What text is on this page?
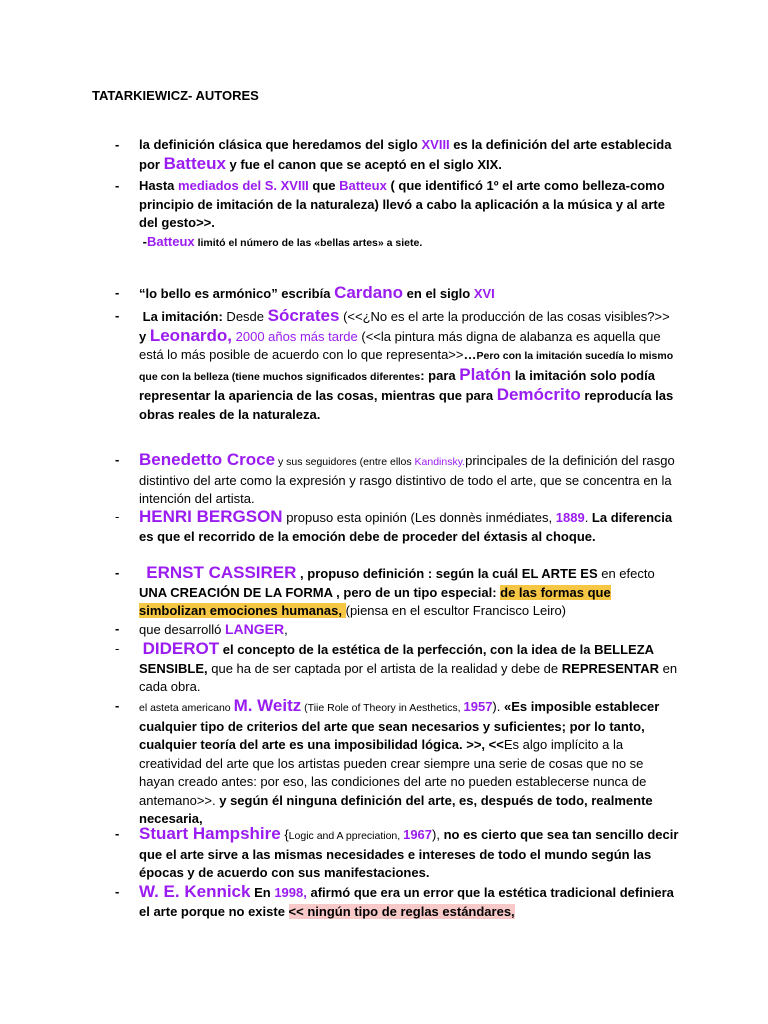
TATARKIEWICZ- AUTORES
- la definición clásica que heredamos del siglo XVIII es la definición del arte establecida por Batteux y fue el canon que se aceptó en el siglo XIX.
- Hasta mediados del S. XVIII que Batteux ( que identificó 1º el arte como belleza-como principio de imitación de la naturaleza) llevó a cabo la aplicación a la música y al arte del gesto>>.
-Batteux limitó el número de las «bellas artes» a siete.
- “lo bello es armónico” escribía Cardano en el siglo XVI
- La imitación: Desde Sócrates (<<¿No es el arte la producción de las cosas visibles?>> y Leonardo, 2000 años más tarde (<<la pintura más digna de alabanza es aquella que está lo más posible de acuerdo con lo que representa>>…Pero con la imitación sucedía lo mismo que con la belleza (tiene muchos significados diferentes: para Platón la imitación solo podía representar la apariencia de las cosas, mientras que para Demócrito reproducía las obras reales de la naturaleza.
- Benedetto Croce y sus seguidores (entre ellos Kandinsky.principales de la definición del rasgo distintivo del arte como la expresión y rasgo distintivo de todo el arte, que se concentra en la intención del artista.
- HENRI BERGSON propuso esta opinión (Les donnès inmédiates, 1889. La diferencia es que el recorrido de la emoción debe de proceder del éxtasis al choque.
- ERNST CASSIRER , propuso definición : según la cuál EL ARTE ES en efecto UNA CREACIÓN DE LA FORMA , pero de un tipo especial: de las formas que simbolizan emociones humanas, (piensa en el escultor Francisco Leiro)
- que desarrolló LANGER,
- DIDEROT el concepto de la estética de la perfección, con la idea de la BELLEZA SENSIBLE, que ha de ser captada por el artista de la realidad y debe de REPRESENTAR en cada obra.
- el asteta americano M. Weitz (Tiie Role of Theory in Aesthetics, 1957). «Es imposible establecer cualquier tipo de criterios del arte que sean necesarios y suficientes; por lo tanto, cualquier teoría del arte es una imposibilidad lógica. >>, <<Es algo implícito a la creatividad del arte que los artistas pueden crear siempre una serie de cosas que no se hayan creado antes: por eso, las condiciones del arte no pueden establecerse nunca de antemano>>. y según él ninguna definición del arte, es, después de todo, realmente necesaria,
- Stuart Hampshire {Logic and A ppreciation, 1967), no es cierto que sea tan sencillo decir que el arte sirve a las mismas necesidades e intereses de todo el mundo según las épocas y de acuerdo con sus manifestaciones.
- W. E. Kennick En 1998, afirmó que era un error que la estética tradicional definiera el arte porque no existe << ningún tipo de reglas estándares,
